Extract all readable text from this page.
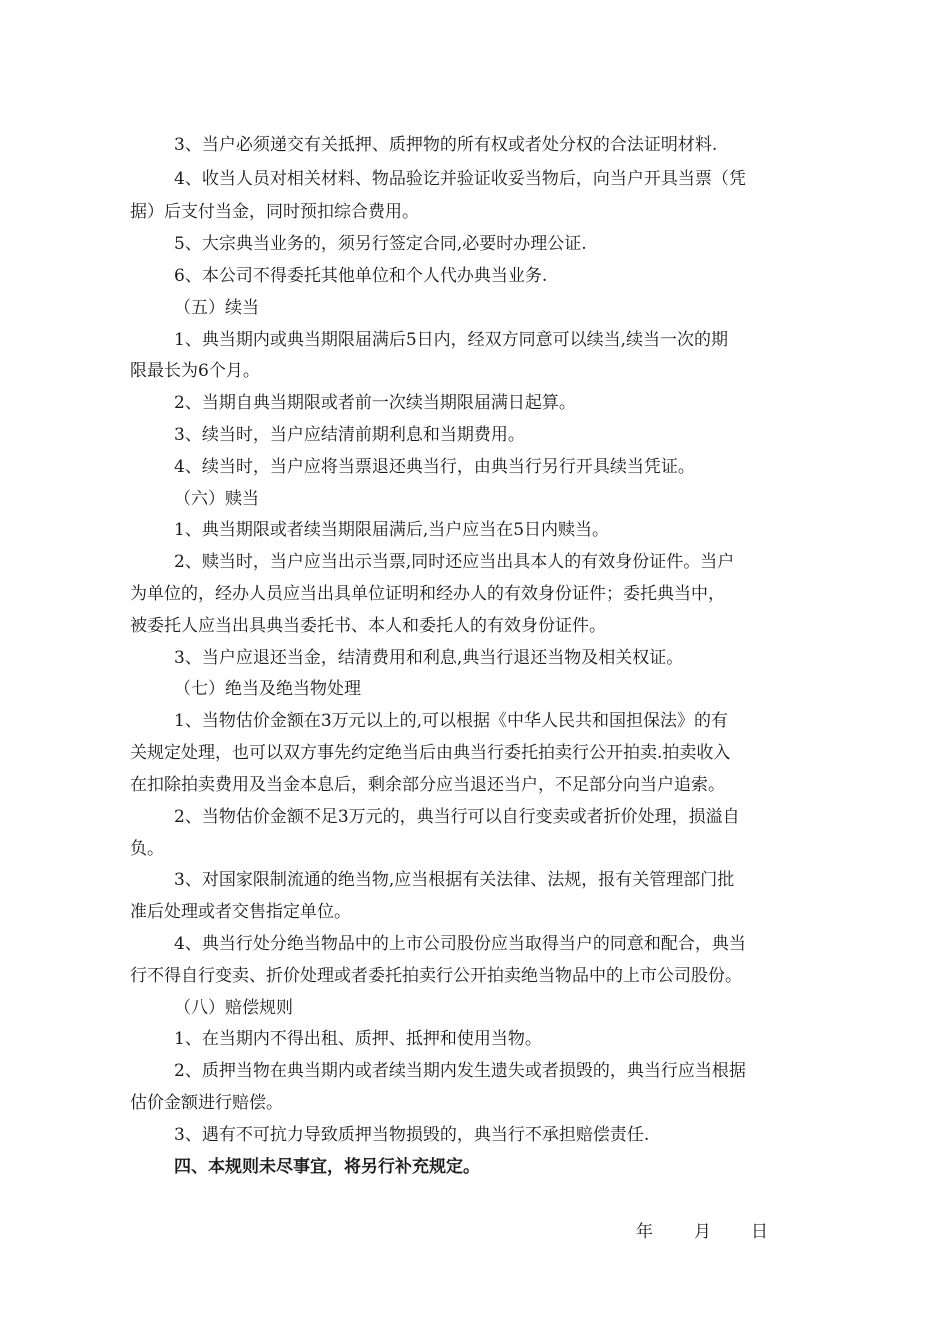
3、当户必须递交有关抵押、质押物的所有权或者处分权的合法证明材料.
4、收当人员对相关材料、物品验讫并验证收妥当物后，向当户开具当票（凭
据）后支付当金，同时预扣综合费用。
5、大宗典当业务的，须另行签定合同,必要时办理公证.
6、本公司不得委托其他单位和个人代办典当业务.
（五）续当
1、典当期内或典当期限届满后5日内，经双方同意可以续当,续当一次的期
限最长为6个月。
2、当期自典当期限或者前一次续当期限届满日起算。
3、续当时，当户应结清前期利息和当期费用。
4、续当时，当户应将当票退还典当行，由典当行另行开具续当凭证。
（六）赎当
1、典当期限或者续当期限届满后,当户应当在5日内赎当。
2、赎当时，当户应当出示当票,同时还应当出具本人的有效身份证件。当户
为单位的，经办人员应当出具单位证明和经办人的有效身份证件；委托典当中，
被委托人应当出具典当委托书、本人和委托人的有效身份证件。
3、当户应退还当金，结清费用和利息,典当行退还当物及相关权证。
（七）绝当及绝当物处理
1、当物估价金额在3万元以上的,可以根据《中华人民共和国担保法》的有
关规定处理，也可以双方事先约定绝当后由典当行委托拍卖行公开拍卖.拍卖收入
在扣除拍卖费用及当金本息后，剩余部分应当退还当户，不足部分向当户追索。
2、当物估价金额不足3万元的，典当行可以自行变卖或者折价处理，损溢自
负。
3、对国家限制流通的绝当物,应当根据有关法律、法规，报有关管理部门批
准后处理或者交售指定单位。
4、典当行处分绝当物品中的上市公司股份应当取得当户的同意和配合，典当
行不得自行变卖、折价处理或者委托拍卖行公开拍卖绝当物品中的上市公司股份。
（八）赔偿规则
1、在当期内不得出租、质押、抵押和使用当物。
2、质押当物在典当期内或者续当期内发生遗失或者损毁的，典当行应当根据
估价金额进行赔偿。
3、遇有不可抗力导致质押当物损毁的，典当行不承担赔偿责任.
四、本规则未尽事宜，将另行补充规定。
年 月 日
